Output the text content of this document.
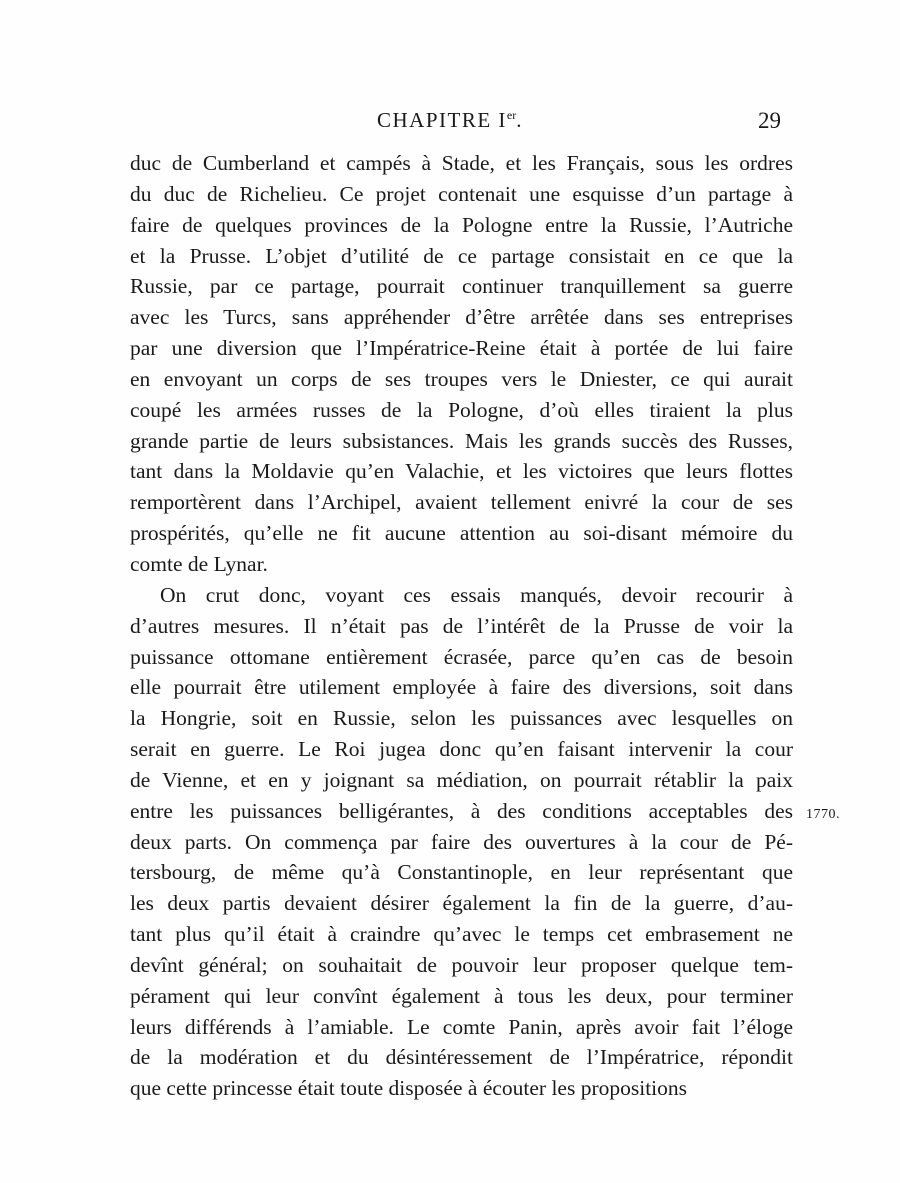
CHAPITRE Ier.	29
duc de Cumberland et campés à Stade, et les Français, sous les ordres
du duc de Richelieu. Ce projet contenait une esquisse d’un partage à
faire de quelques provinces de la Pologne entre la Russie, l’Autriche
et la Prusse. L’objet d’utilité de ce partage consistait en ce que la
Russie, par ce partage, pourrait continuer tranquillement sa guerre
avec les Turcs, sans appréhender d’être arrêtée dans ses entreprises
par une diversion que l’Impératrice-Reine était à portée de lui faire
en envoyant un corps de ses troupes vers le Dniester, ce qui aurait
coupé les armées russes de la Pologne, d’où elles tiraient la plus
grande partie de leurs subsistances. Mais les grands succès des Russes,
tant dans la Moldavie qu’en Valachie, et les victoires que leurs flottes
remportèrent dans l’Archipel, avaient tellement enivré la cour de ses
prospérités, qu’elle ne fit aucune attention au soi-disant mémoire du
comte de Lynar.
On crut donc, voyant ces essais manqués, devoir recourir à
d’autres mesures. Il n’était pas de l’intérêt de la Prusse de voir la
puissance ottomane entièrement écrasée, parce qu’en cas de besoin
elle pourrait être utilement employée à faire des diversions, soit dans
la Hongrie, soit en Russie, selon les puissances avec lesquelles on
serait en guerre. Le Roi jugea donc qu’en faisant intervenir la cour
de Vienne, et en y joignant sa médiation, on pourrait rétablir la paix
entre les puissances belligérantes, à des conditions acceptables des
deux parts. On commença par faire des ouvertures à la cour de Pé-
tersbourg, de même qu’à Constantinople, en leur représentant que
les deux partis devaient désirer également la fin de la guerre, d’au-
tant plus qu’il était à craindre qu’avec le temps cet embrasement ne
devînt général; on souhaitait de pouvoir leur proposer quelque tem-
pérament qui leur convînt également à tous les deux, pour terminer
leurs différends à l’amiable. Le comte Panin, après avoir fait l’éloge
de la modération et du désintéressement de l’Impératrice, répondit
que cette princesse était toute disposée à écouter les propositions
1770.
